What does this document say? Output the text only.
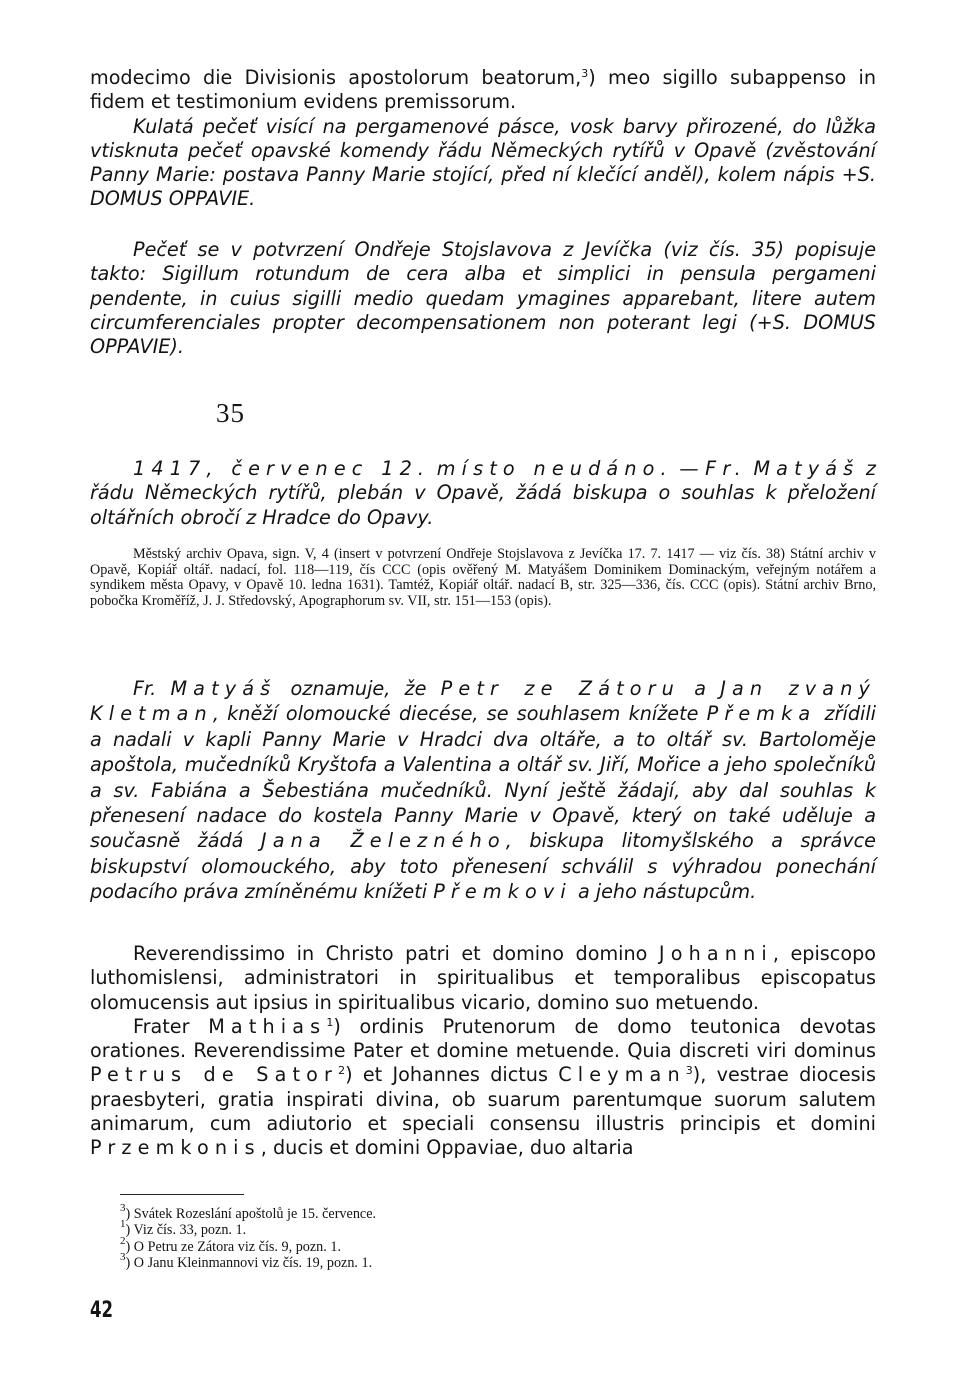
modecimo die Divisionis apostolorum beatorum,$^3$) meo sigillo subappenso in fidem et testimonium evidens premissorum.

Kulatá pečeť visící na pergamenové pásce, vosk barvy přirozené, do lůžka vtisknuta pečeť opavské komendy řádu Německých rytířů v Opavě (zvěstování Panny Marie: postava Panny Marie stojící, před ní klečící anděl), kolem nápis +S. DOMUS OPPAVIE.

Pečeť se v potvrzení Ondřeje Stojslavova z Jevíčka (viz čís. 35) popisuje takto: Sigillum rotundum de cera alba et simplici in pensula pergameni pendente, in cuius sigilli medio quedam ymagines apparebant, litere autem circumferenciales propter decompensationem non poterant legi (+S. DOMUS OPPAVIE).

35

1417, červenec 12. místo neudáno. — Fr. Matyáš z řádu Německých rytířů, plebán v Opavě, žádá biskupa o souhlas k přeložení oltářních obročí z Hradce do Opavy.

Městský archiv Opava, sign. V, 4 (insert v potvrzení Ondřeje Stojslavova z Jevíčka 17. 7. 1417 — viz čís. 38) Státní archiv v Opavě, Kopiář oltář. nadací, fol. 118—119, čís CCC (opis ověřený M. Matyášem Dominikem Dominackým, veřejným notářem a syndikem města Opavy, v Opavě 10. ledna 1631). Tamtéž, Kopiář oltář. nadací B, str. 325—336, čís. CCC (opis). Státní archiv Brno, pobočka Kroměříž, J. J. Středovský, Apographorum sv. VII, str. 151—153 (opis).

Fr. Matyáš oznamuje, že Petr ze Zátoru a Jan zvaný Kletman, kněží olomoucké diecése, se souhlasem knížete Přemka zřídili a nadali v kapli Panny Marie v Hradci dva oltáře, a to oltář sv. Bartoloměje apoštola, mučedníků Kryštofa a Valentina a oltář sv. Jiří, Mořice a jeho společníků a sv. Fabiána a Šebestiána mučedníků. Nyní ještě žádají, aby dal souhlas k přenesení nadace do kostela Panny Marie v Opavě, který on také uděluje a současně žádá Jana Železného, biskupa litomyšlského a správce biskupství olomouckého, aby toto přenesení schválil s výhradou ponechání podacího práva zmíněnému knížeti Přemkovi a jeho nástupcům.

Reverendissimo in Christo patri et domino domino Johanni, episcopo luthomislensi, administratori in spiritualibus et temporalibus episcopatus olomucensis aut ipsius in spiritualibus vicario, domino suo metuendo.

Frater Mathias$^1$) ordinis Prutenorum de domo teutonica devotas orationes. Reverendissime Pater et domine metuende. Quia discreti viri dominus Petrus de Sator$^2$) et Johannes dictus Cleyman$^3$), vestrae diocesis praesbyteri, gratia inspirati divina, ob suarum parentumque suorum salutem animarum, cum adiutorio et speciali consensu illustris principis et domini Przemkonis, ducis et domini Oppaviae, duo altaria

$^3$) Svátek Rozeslání apoštolů je 15. července.
$^1$) Viz čís. 33, pozn. 1.
$^2$) O Petru ze Zátora viz čís. 9, pozn. 1.
$^3$) O Janu Kleinmannovi viz čís. 19, pozn. 1.
42
